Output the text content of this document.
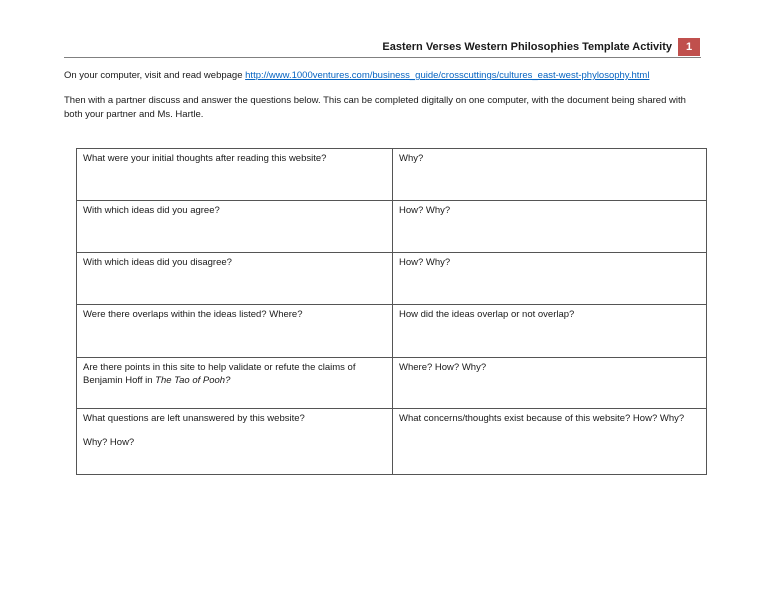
Eastern Verses Western Philosophies Template Activity	1
On your computer, visit and read webpage http://www.1000ventures.com/business_guide/crosscuttings/cultures_east-west-phylosophy.html
Then with a partner discuss and answer the questions below. This can be completed digitally on one computer, with the document being shared with both your partner and Ms. Hartle.
What were your initial thoughts after reading this website?	Why?
With which ideas did you agree?	How? Why?
With which ideas did you disagree?	How? Why?
Were there overlaps within the ideas listed? Where?	How did the ideas overlap or not overlap?
Are there points in this site to help validate or refute the claims of Benjamin Hoff in The Tao of Pooh?	Where? How? Why?
What questions are left unanswered by this website?
Why? How?	What concerns/thoughts exist because of this website? How? Why?
